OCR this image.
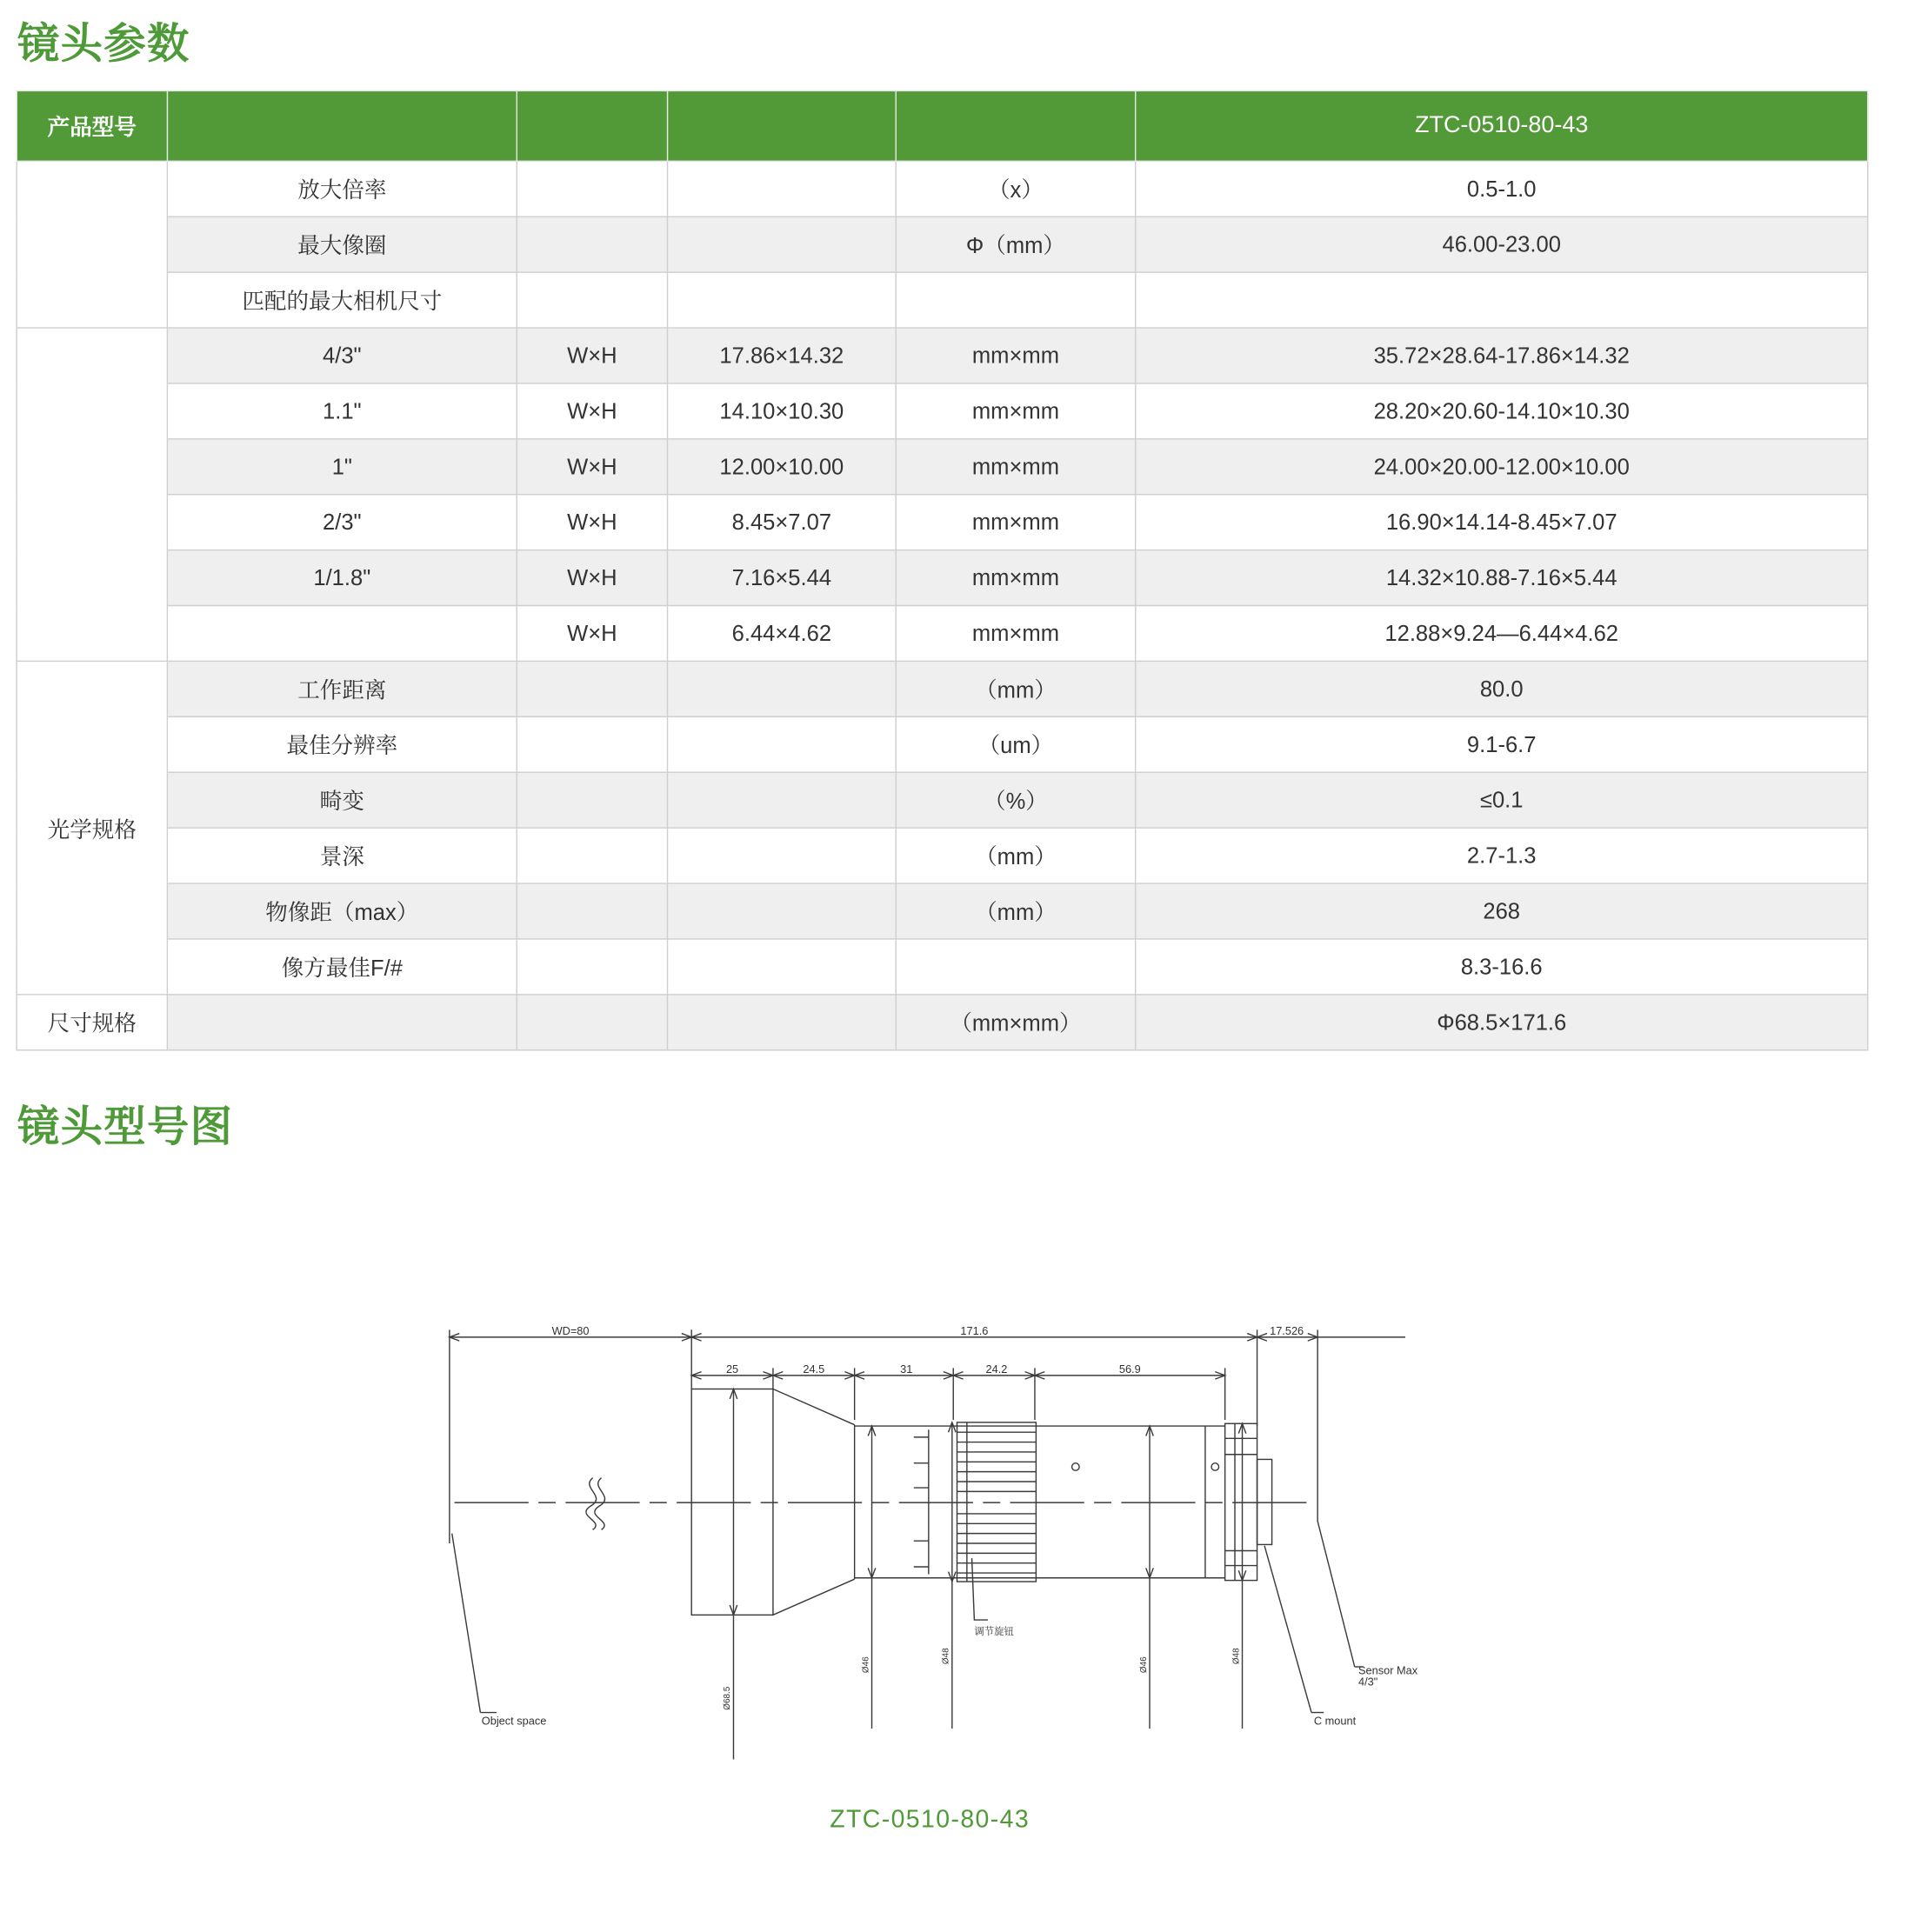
镜头参数
产品型号					ZTC-0510-80-43
	放大倍率			（x）	0.5-1.0
	最大像圈			Φ（mm）	46.00-23.00
	匹配的最大相机尺寸				
	4/3"	W×H	17.86×14.32	mm×mm	35.72×28.64-17.86×14.32
	1.1"	W×H	14.10×10.30	mm×mm	28.20×20.60-14.10×10.30
	1"	W×H	12.00×10.00	mm×mm	24.00×20.00-12.00×10.00
	2/3"	W×H	8.45×7.07	mm×mm	16.90×14.14-8.45×7.07
	1/1.8"	W×H	7.16×5.44	mm×mm	14.32×10.88-7.16×5.44
		W×H	6.44×4.62	mm×mm	12.88×9.24—6.44×4.62
光学规格	工作距离			（mm）	80.0
	最佳分辨率			（um）	9.1-6.7
	畸变			（%）	≤0.1
	景深			（mm）	2.7-1.3
	物像距（max）			（mm）	268
	像方最佳F/#				8.3-16.6
尺寸规格				（mm×mm）	Φ68.5×171.6
镜头型号图
WD=80	171.6	17.526
25	24.5	31	24.2	56.9
调节旋钮
Object space	C mount
Sensor Max
4/3"
Ø68.5
Ø46
Ø48
Ø46
Ø48
ZTC-0510-80-43
